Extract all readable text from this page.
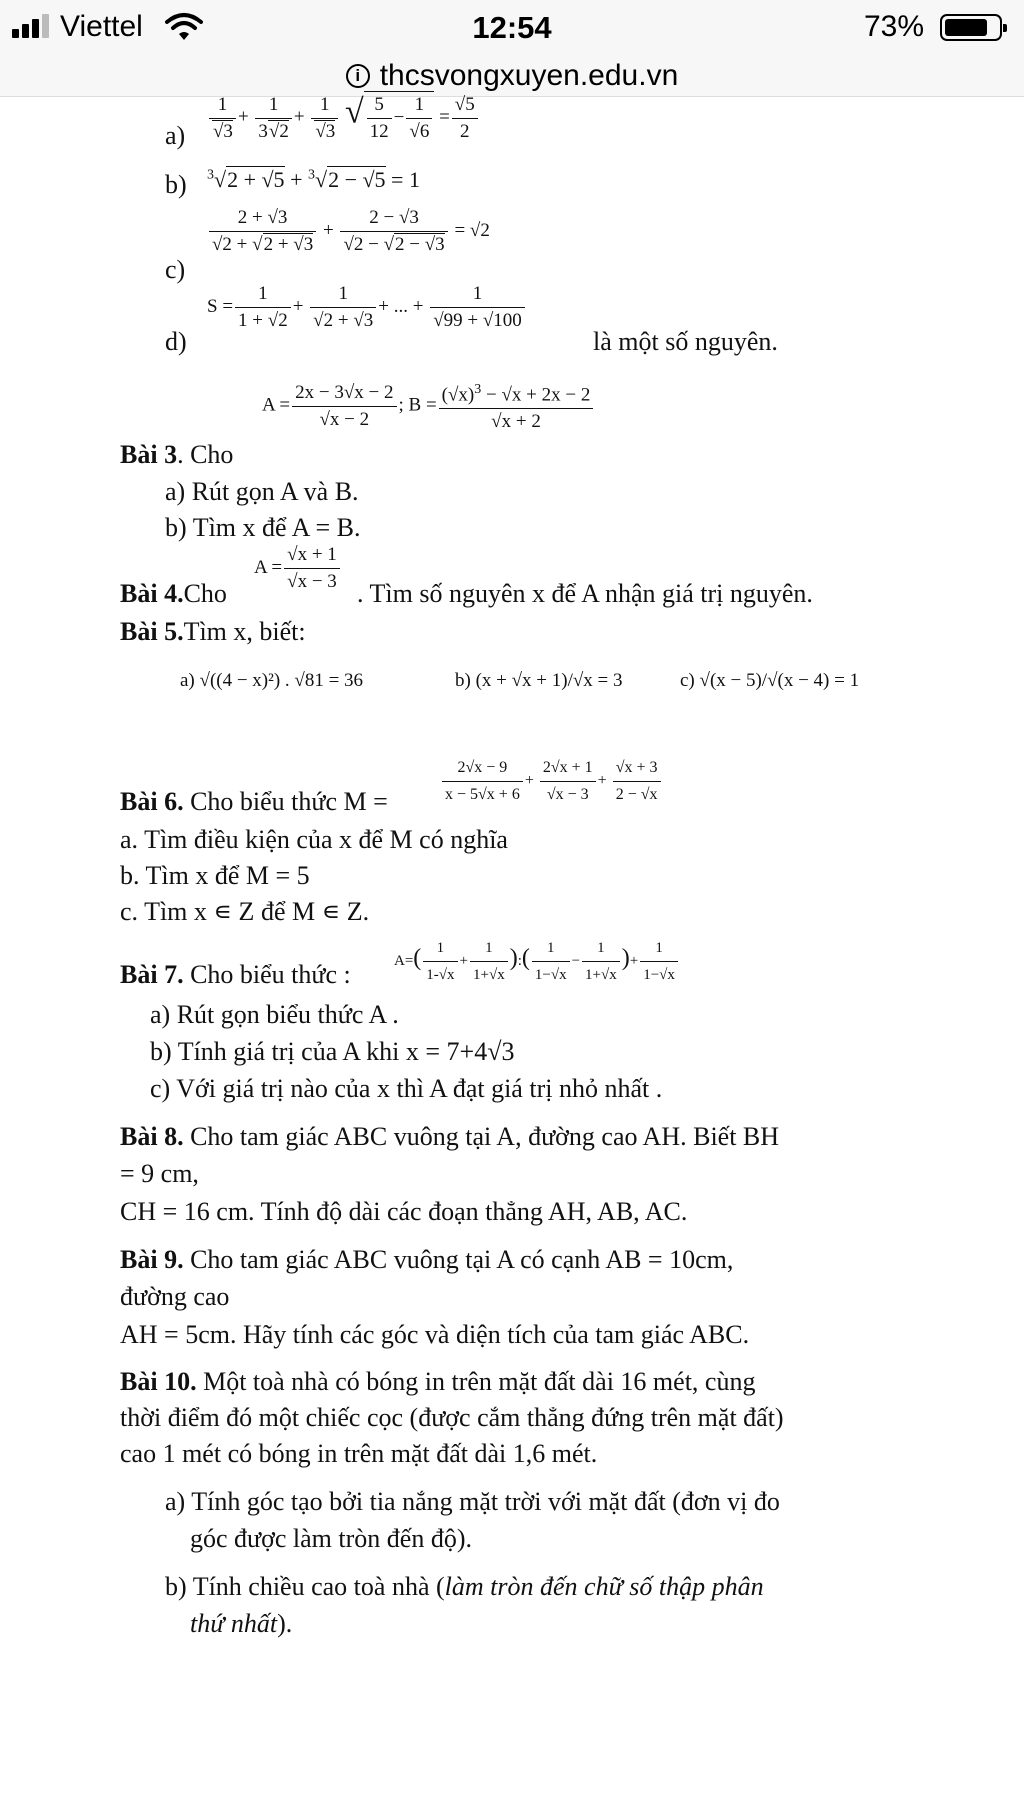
Viettel	12:54	73%
i thcsvongxuyen.edu.vn
$a) \frac{1}{√3} + \frac{1}{3√2} + \frac{1}{√3}$ √ $\frac{5}{12} - \frac{1}{√6} = \frac{√5}{2}$
b) $^3$√2 + √5 + $^3$√2 − √5 = 1
c)
$\frac{2 + √3}{√2 + √2 + √3} + \frac{2 - √3}{√2 - √2 - √3} = √2$
d)
$S = \frac{1}{1 + √2} + \frac{1}{√2 + √3}$ + ... + $\frac{1}{√99 + √100}$
là một số nguyên.
Bài 3. Cho
$A = \frac{2x - 3√x - 2}{√x - 2}$ ; $B = \frac{(√x)^3 - √x + 2x - 2}{√x + 2}$
a) Rút gọn A và B.
b) Tìm x để A = B.
Bài 4.Cho
$A = \frac{√x + 1}{√x - 3}$ . Tìm số nguyên x để A nhận giá trị nguyên.
Bài 5.Tìm x, biết:
a) √((4 − x)²) . √81 = 36	b) (x + √x + 1)/√x = 3	c) √(x − 5)/√(x − 4) = 1
Bài 6. Cho biểu thức M =	$\frac{2√x - 9}{x - 5√x + 6} + \frac{2√x + 1}{√x - 3} + \frac{√x + 3}{2 - √x}$
a. Tìm điều kiện của x để M có nghĩa
b. Tìm x để M = 5
c. Tìm x ∊ Z để M ∊ Z.
Bài 7. Cho biểu thức :	$A=( \frac{1}{1-√x} + \frac{1}{1+√x}$ ):( $\frac{1}{1-√x} - \frac{1}{1+√x}$ )+ $\frac{1}{1-√x}$
a) Rút gọn biểu thức A .
b) Tính giá trị của A khi x = 7+4√3
c) Với giá trị nào của x thì A đạt giá trị nhỏ nhất .
Bài 8. Cho tam giác ABC vuông tại A, đường cao AH. Biết BH
= 9 cm,
CH = 16 cm. Tính độ dài các đoạn thẳng AH, AB, AC.
Bài 9. Cho tam giác ABC vuông tại A có cạnh AB = 10cm,
đường cao
AH = 5cm. Hãy tính các góc và diện tích của tam giác ABC.
Bài 10. Một toà nhà có bóng in trên mặt đất dài 16 mét, cùng
thời điểm đó một chiếc cọc (được cắm thẳng đứng trên mặt đất)
cao 1 mét có bóng in trên mặt đất dài 1,6 mét.
a) Tính góc tạo bởi tia nắng mặt trời với mặt đất (đơn vị đo
góc được làm tròn đến độ).
b) Tính chiều cao toà nhà (làm tròn đến chữ số thập phân
thứ nhất).
